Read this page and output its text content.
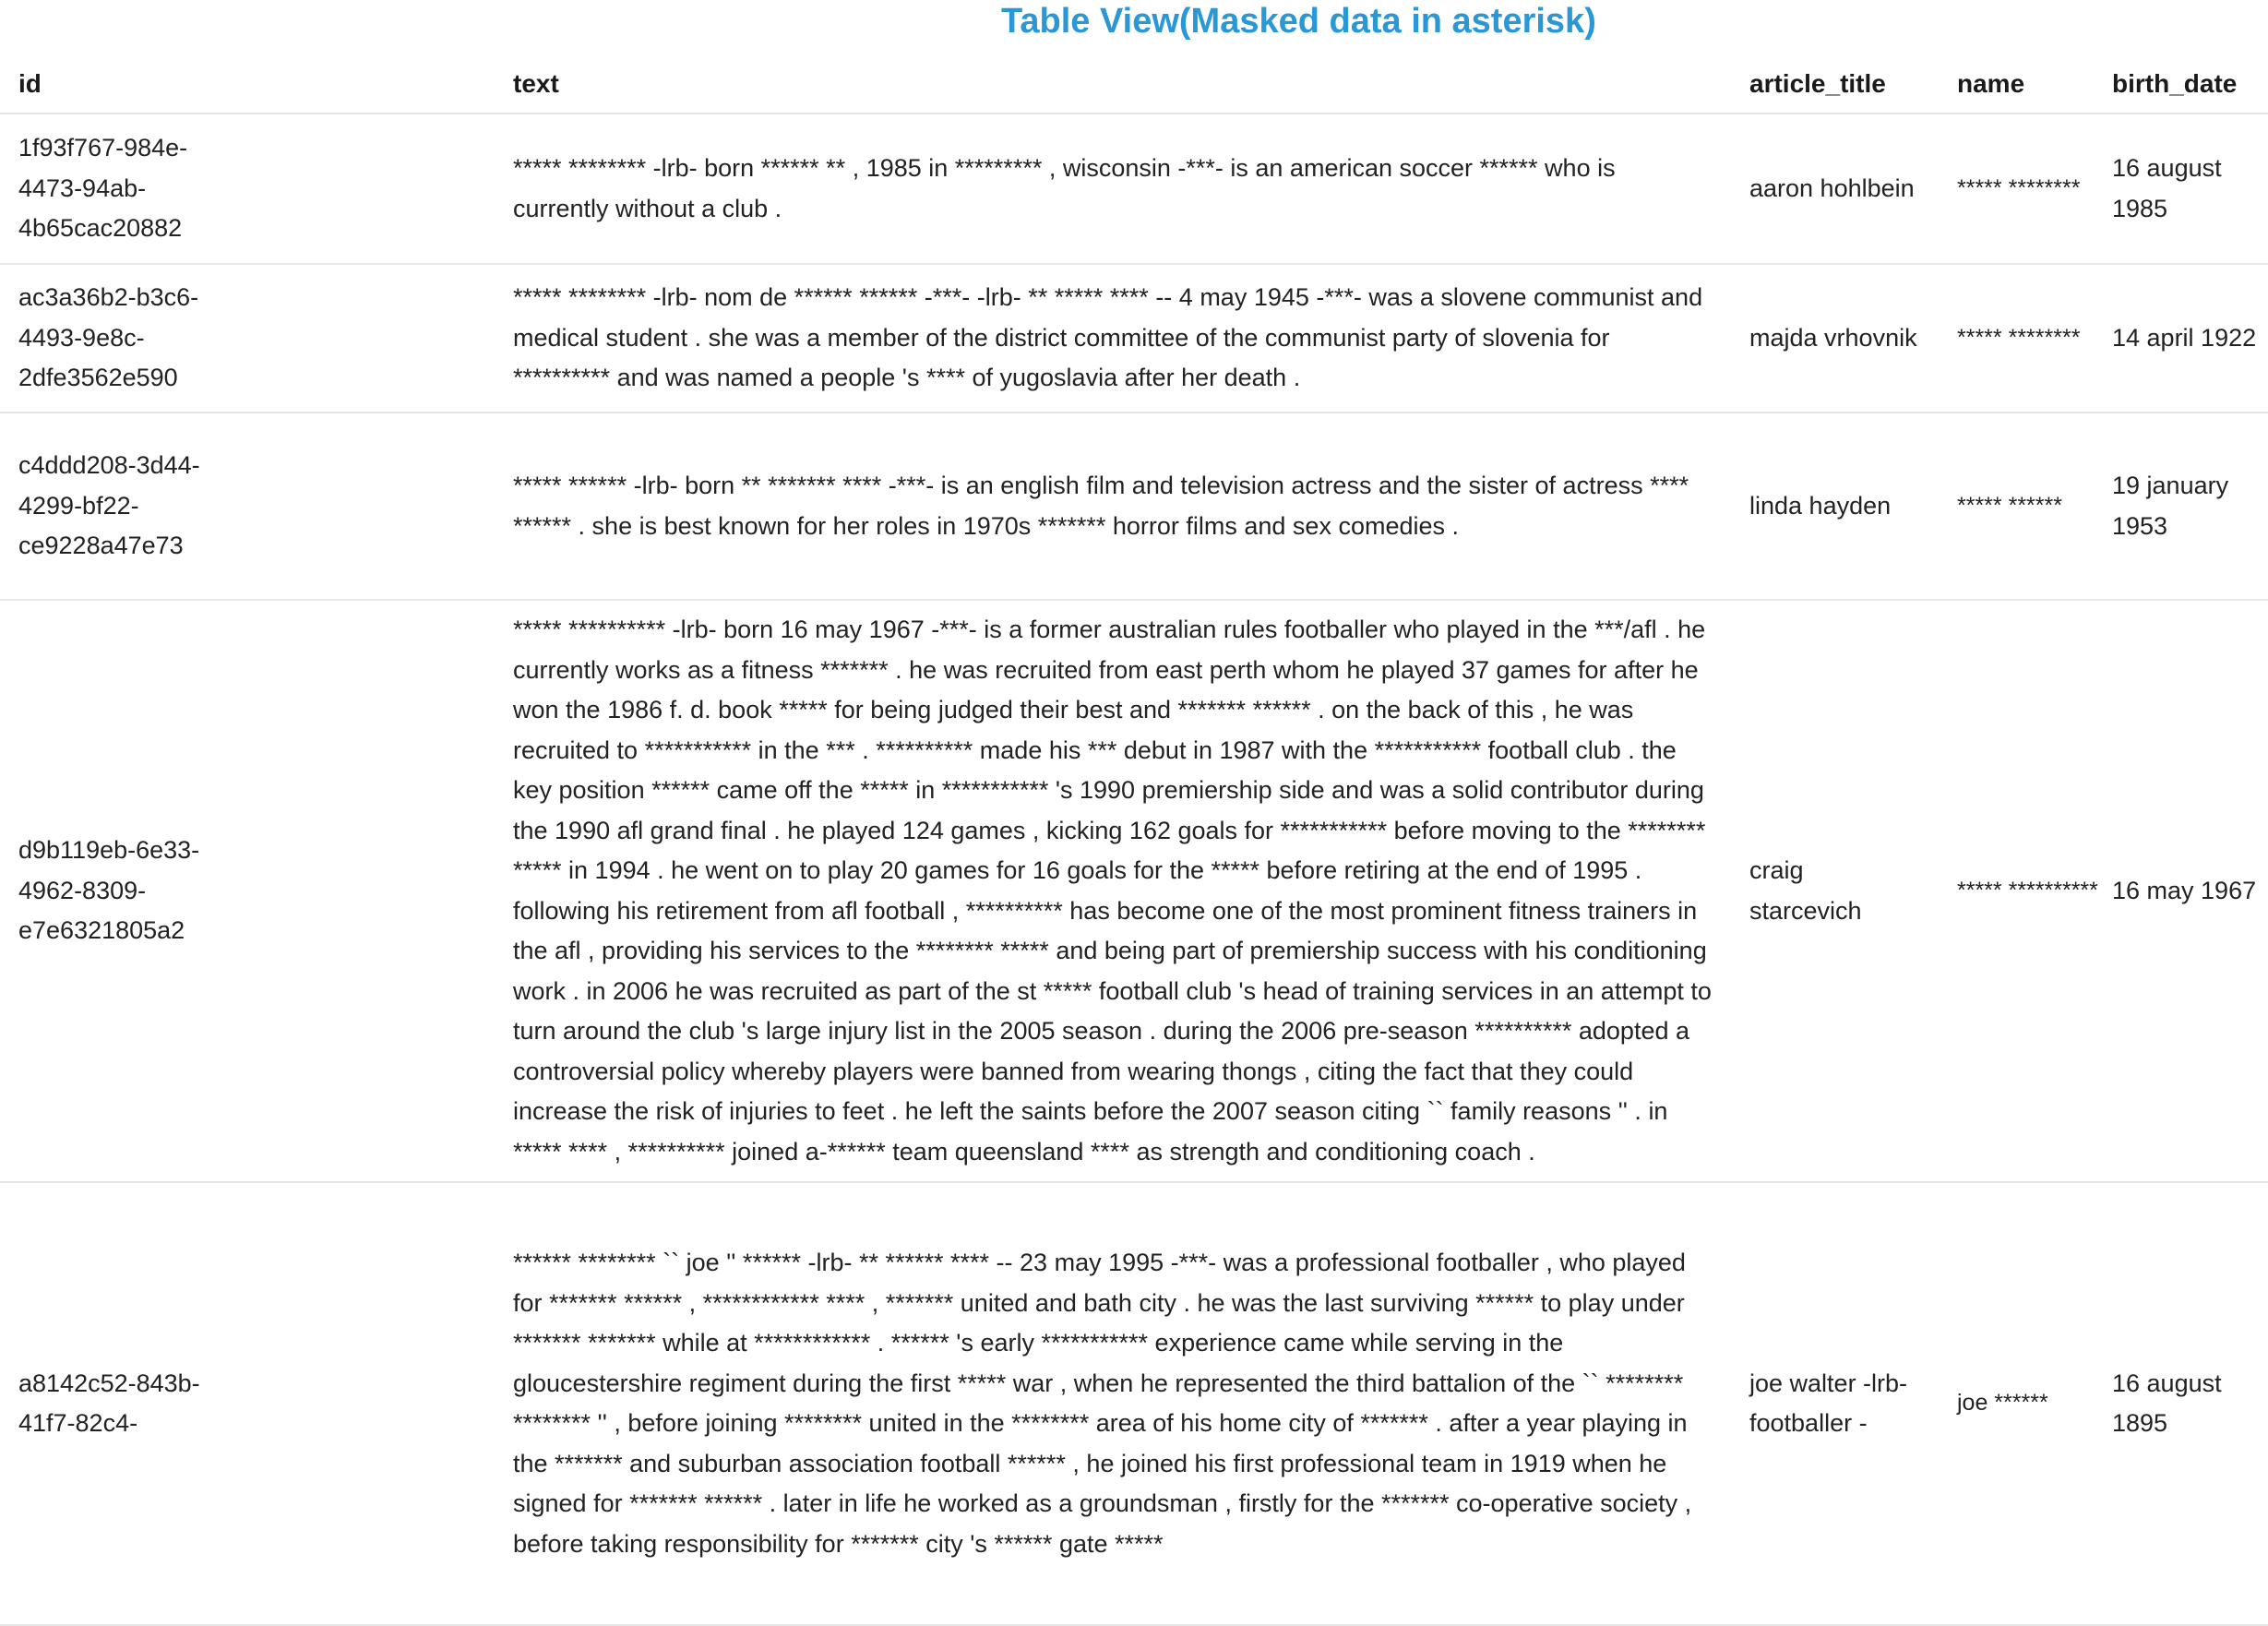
Table View(Masked data in asterisk)
id	text	article_title	name	birth_date
1f93f767-984e-4473-94ab-4b65cac20882	***** ******** -lrb- born ****** ** , 1985 in ********* , wisconsin -***- is an american soccer ****** who is currently without a club .	aaron hohlbein	***** ********	16 august 1985
ac3a36b2-b3c6-4493-9e8c-2dfe3562e590	***** ******** -lrb- nom de ****** ****** -***- -lrb- ** ***** **** -- 4 may 1945 -***- was a slovene communist and medical student . she was a member of the district committee of the communist party of slovenia for ********** and was named a people 's **** of yugoslavia after her death .	majda vrhovnik	***** ********	14 april 1922
c4ddd208-3d44-4299-bf22-ce9228a47e73	***** ****** -lrb- born ** ******* **** -***- is an english film and television actress and the sister of actress **** ****** . she is best known for her roles in 1970s ******* horror films and sex comedies .	linda hayden	***** ******	19 january 1953
d9b119eb-6e33-4962-8309-e7e6321805a2	***** ********** -lrb- born 16 may 1967 -***- is a former australian rules footballer who played in the ***/afl . he currently works as a fitness ******* . he was recruited from east perth whom he played 37 games for after he won the 1986 f. d. book ***** for being judged their best and ******* ****** . on the back of this , he was recruited to *********** in the *** . ********** made his *** debut in 1987 with the *********** football club . the key position ****** came off the ***** in *********** 's 1990 premiership side and was a solid contributor during the 1990 afl grand final . he played 124 games , kicking 162 goals for *********** before moving to the ******** ***** in 1994 . he went on to play 20 games for 16 goals for the ***** before retiring at the end of 1995 . following his retirement from afl football , ********** has become one of the most prominent fitness trainers in the afl , providing his services to the ******** ***** and being part of premiership success with his conditioning work . in 2006 he was recruited as part of the st ***** football club 's head of training services in an attempt to turn around the club 's large injury list in the 2005 season . during the 2006 pre-season ********** adopted a controversial policy whereby players were banned from wearing thongs , citing the fact that they could increase the risk of injuries to feet . he left the saints before the 2007 season citing `` family reasons '' . in ***** **** , ********** joined a-****** team queensland **** as strength and conditioning coach .	craig starcevich	***** **********	16 may 1967
a8142c52-843b-41f7-82c4-	****** ******** `` joe '' ****** -lrb- ** ****** **** -- 23 may 1995 -***- was a professional footballer , who played for ******* ****** , ************ **** , ******* united and bath city . he was the last surviving ****** to play under ******* ******* while at ************ . ****** 's early *********** experience came while serving in the gloucestershire regiment during the first ***** war , when he represented the third battalion of the `` ******** ******** '' , before joining ******** united in the ******** area of his home city of ******* . after a year playing in the ******* and suburban association football ****** , he joined his first professional team in 1919 when he signed for ******* ****** . later in life he worked as a groundsman , firstly for the ******* co-operative society , before taking responsibility for ******* city 's ****** gate *****	joe walter -lrb- footballer -	joe ******	16 august 1895
